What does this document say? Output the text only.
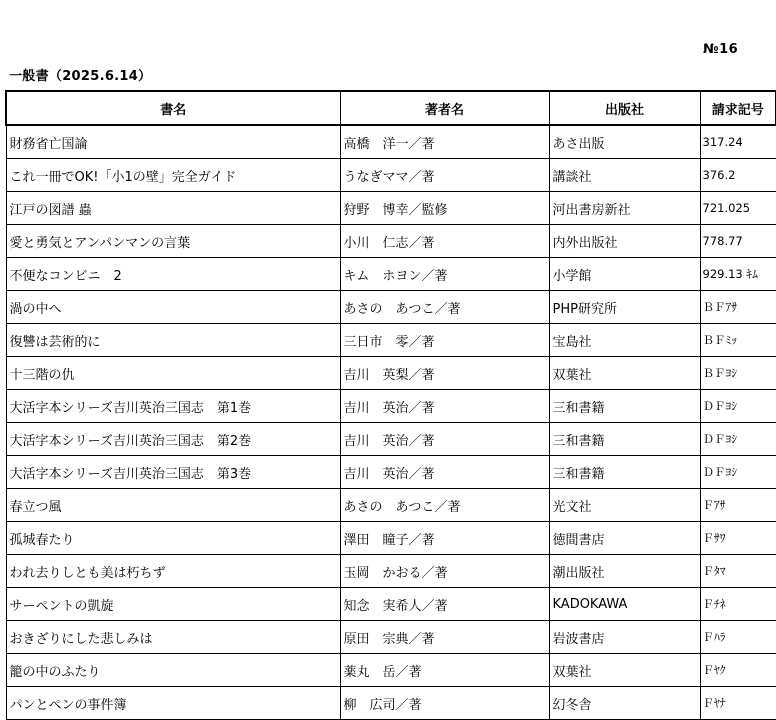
№16
一般書（2025.6.14）
書名	著者名	出版社	請求記号
財務省亡国論	高橋　洋一／著	あさ出版	317.24
これ一冊でOK!「小1の壁」完全ガイド	うなぎママ／著	講談社	376.2
江戸の図譜 蟲	狩野　博幸／監修	河出書房新社	721.025
愛と勇気とアンパンマンの言葉	小川　仁志／著	内外出版社	778.77
不便なコンビニ　2	キム　ホヨン／著	小学館	929.13 ｷﾑ
渦の中へ	あさの　あつこ／著	PHP研究所	ＢＦｱｻ
復讐は芸術的に	三日市　零／著	宝島社	ＢＦﾐｯ
十三階の仇	吉川　英梨／著	双葉社	ＢＦﾖｼ
大活字本シリーズ吉川英治三国志　第1巻	吉川　英治／著	三和書籍	ＤＦﾖｼ
大活字本シリーズ吉川英治三国志　第2巻	吉川　英治／著	三和書籍	ＤＦﾖｼ
大活字本シリーズ吉川英治三国志　第3巻	吉川　英治／著	三和書籍	ＤＦﾖｼ
春立つ風	あさの　あつこ／著	光文社	Ｆｱｻ
孤城春たり	澤田　瞳子／著	徳間書店	Ｆｻﾜ
われ去りしとも美は朽ちず	玉岡　かおる／著	潮出版社	Ｆﾀﾏ
サーペントの凱旋	知念　実希人／著	KADOKAWA	Ｆﾁﾈ
おきざりにした悲しみは	原田　宗典／著	岩波書店	Ｆﾊﾗ
籠の中のふたり	薬丸　岳／著	双葉社	Ｆﾔｸ
パンとペンの事件簿	柳　広司／著	幻冬舎	Ｆﾔﾅ
